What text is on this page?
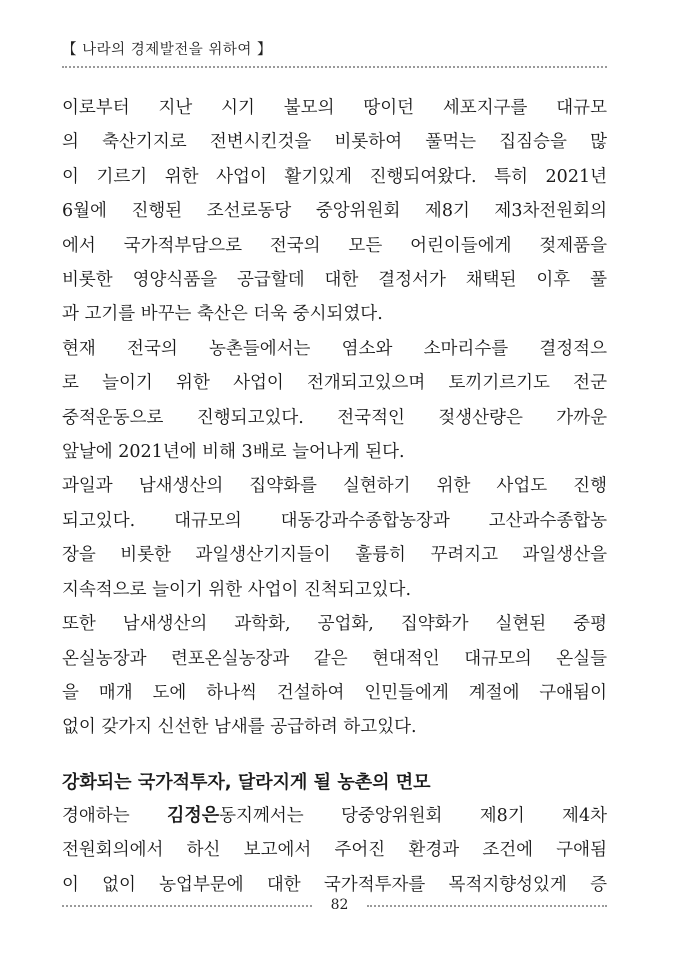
【 나라의 경제발전을 위하여 】

이로부터 지난 시기 불모의 땅이던 세포지구를 대규모
의 축산기지로 전변시킨것을 비롯하여 풀먹는 집짐승을 많
이 기르기 위한 사업이 활기있게 진행되여왔다. 특히 2021년
6월에 진행된 조선로동당 중앙위원회 제8기 제3차전원회의
에서 국가적부담으로 전국의 모든 어린이들에게 젖제품을
비롯한 영양식품을 공급할데 대한 결정서가 채택된 이후 풀
과 고기를 바꾸는 축산은 더욱 중시되였다.

현재 전국의 농촌들에서는 염소와 소마리수를 결정적으
로 늘이기 위한 사업이 전개되고있으며 토끼기르기도 전군
중적운동으로 진행되고있다. 전국적인 젖생산량은 가까운
앞날에 2021년에 비해 3배로 늘어나게 된다.

과일과 남새생산의 집약화를 실현하기 위한 사업도 진행
되고있다. 대규모의 대동강과수종합농장과 고산과수종합농
장을 비롯한 과일생산기지들이 훌륭히 꾸려지고 과일생산을
지속적으로 늘이기 위한 사업이 진척되고있다.

또한 남새생산의 과학화, 공업화, 집약화가 실현된 중평
온실농장과 련포온실농장과 같은 현대적인 대규모의 온실들
을 매개 도에 하나씩 건설하여 인민들에게 계절에 구애됨이
없이 갖가지 신선한 남새를 공급하려 하고있다.

강화되는 국가적투자, 달라지게 될 농촌의 면모

경애하는 김정은동지께서는 당중앙위원회 제8기 제4차
전원회의에서 하신 보고에서 주어진 환경과 조건에 구애됨
이 없이 농업부문에 대한 국가적투자를 목적지향성있게 증

82
